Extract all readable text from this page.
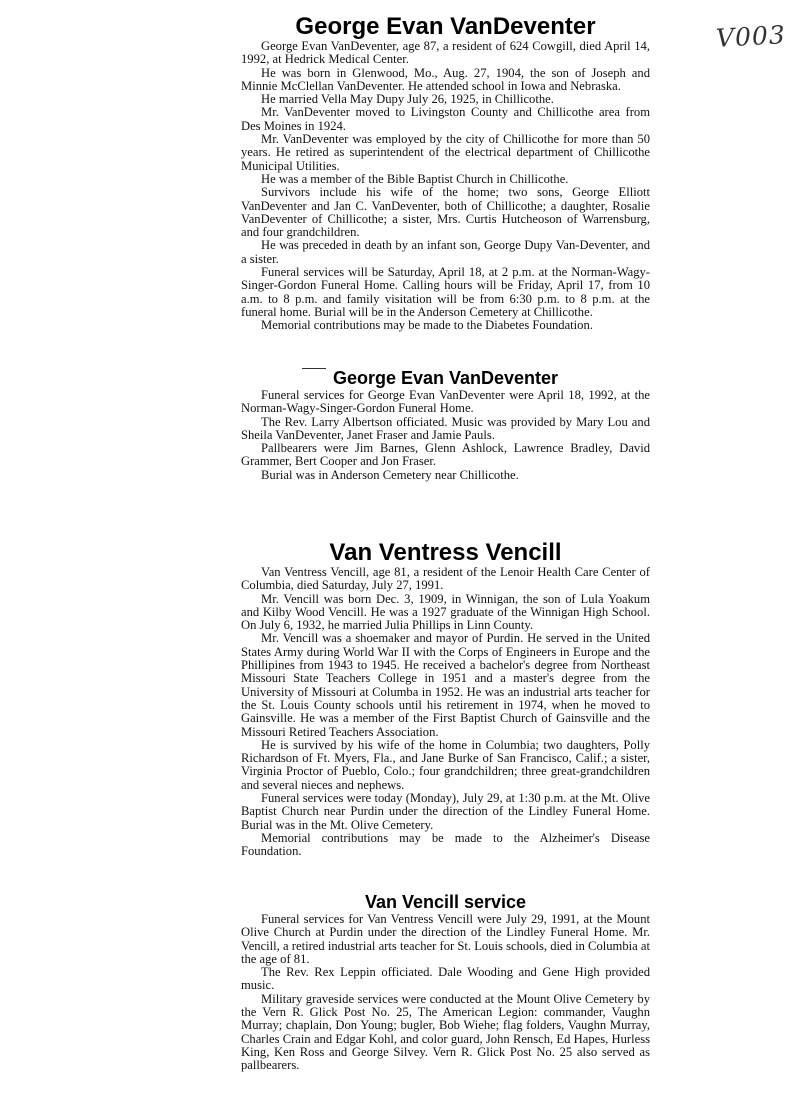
V003
George Evan VanDeventer

George Evan VanDeventer, age 87, a resident of 624 Cowgill, died April 14, 1992, at Hedrick Medical Center.

He was born in Glenwood, Mo., Aug. 27, 1904, the son of Joseph and Minnie McClellan VanDeventer. He attended school in Iowa and Nebraska.

He married Vella May Dupy July 26, 1925, in Chillicothe.

Mr. VanDeventer moved to Livingston County and Chillicothe area from Des Moines in 1924.

Mr. VanDeventer was employed by the city of Chillicothe for more than 50 years. He retired as superintendent of the electrical department of Chillicothe Municipal Utilities.

He was a member of the Bible Baptist Church in Chillicothe.

Survivors include his wife of the home; two sons, George Elliott VanDeventer and Jan C. VanDeventer, both of Chillicothe; a daughter, Rosalie VanDeventer of Chillicothe; a sister, Mrs. Curtis Hutcheoson of Warrensburg, and four grandchildren.

He was preceded in death by an infant son, George Dupy Van-Deventer, and a sister.

Funeral services will be Saturday, April 18, at 2 p.m. at the Norman-Wagy-Singer-Gordon Funeral Home. Calling hours will be Friday, April 17, from 10 a.m. to 8 p.m. and family visitation will be from 6:30 p.m. to 8 p.m. at the funeral home. Burial will be in the Anderson Cemetery at Chillicothe.

Memorial contributions may be made to the Diabetes Foundation.

George Evan VanDeventer

Funeral services for George Evan VanDeventer were April 18, 1992, at the Norman-Wagy-Singer-Gordon Funeral Home.

The Rev. Larry Albertson officiated. Music was provided by Mary Lou and Sheila VanDeventer, Janet Fraser and Jamie Pauls.

Pallbearers were Jim Barnes, Glenn Ashlock, Lawrence Bradley, David Grammer, Bert Cooper and Jon Fraser.

Burial was in Anderson Cemetery near Chillicothe.

Van Ventress Vencill

Van Ventress Vencill, age 81, a resident of the Lenoir Health Care Center of Columbia, died Saturday, July 27, 1991.

Mr. Vencill was born Dec. 3, 1909, in Winnigan, the son of Lula Yoakum and Kilby Wood Vencill. He was a 1927 graduate of the Winnigan High School. On July 6, 1932, he married Julia Phillips in Linn County.

Mr. Vencill was a shoemaker and mayor of Purdin. He served in the United States Army during World War II with the Corps of Engineers in Europe and the Phillipines from 1943 to 1945. He received a bachelor's degree from Northeast Missouri State Teachers College in 1951 and a master's degree from the University of Missouri at Columba in 1952. He was an industrial arts teacher for the St. Louis County schools until his retirement in 1974, when he moved to Gainsville. He was a member of the First Baptist Church of Gainsville and the Missouri Retired Teachers Association.

He is survived by his wife of the home in Columbia; two daughters, Polly Richardson of Ft. Myers, Fla., and Jane Burke of San Francisco, Calif.; a sister, Virginia Proctor of Pueblo, Colo.; four grandchildren; three great-grandchildren and several nieces and nephews.

Funeral services were today (Monday), July 29, at 1:30 p.m. at the Mt. Olive Baptist Church near Purdin under the direction of the Lindley Funeral Home. Burial was in the Mt. Olive Cemetery.

Memorial contributions may be made to the Alzheimer's Disease Foundation.

Van Vencill service

Funeral services for Van Ventress Vencill were July 29, 1991, at the Mount Olive Church at Purdin under the direction of the Lindley Funeral Home. Mr. Vencill, a retired industrial arts teacher for St. Louis schools, died in Columbia at the age of 81.

The Rev. Rex Leppin officiated. Dale Wooding and Gene High provided music.

Military graveside services were conducted at the Mount Olive Cemetery by the Vern R. Glick Post No. 25, The American Legion: commander, Vaughn Murray; chaplain, Don Young; bugler, Bob Wiehe; flag folders, Vaughn Murray, Charles Crain and Edgar Kohl, and color guard, John Rensch, Ed Hapes, Hurless King, Ken Ross and George Silvey. Vern R. Glick Post No. 25 also served as pallbearers.
